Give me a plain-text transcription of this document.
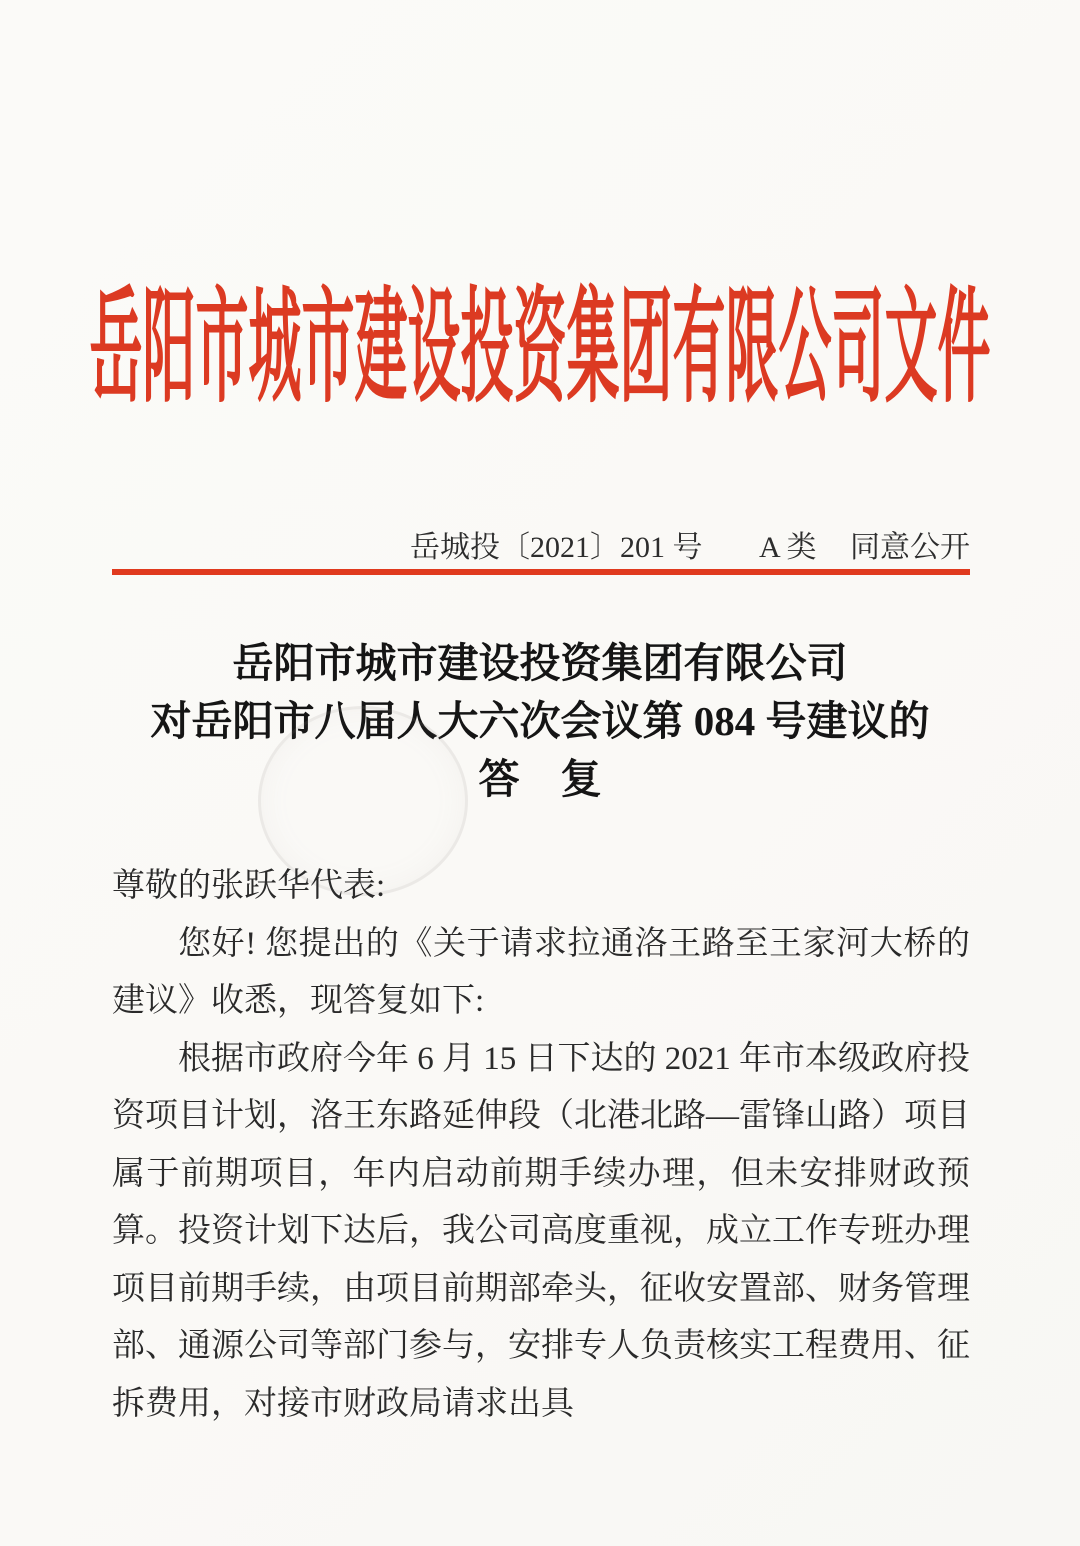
岳阳市城市建设投资集团有限公司文件
岳城投〔2021〕201 号 A 类 同意公开
岳阳市城市建设投资集团有限公司
对岳阳市八届人大六次会议第 084 号建议的
答　复

尊敬的张跃华代表:

您好! 您提出的《关于请求拉通洛王路至王家河大桥的建议》收悉，现答复如下:

根据市政府今年 6 月 15 日下达的 2021 年市本级政府投资项目计划，洛王东路延伸段（北港北路—雷锋山路）项目属于前期项目，年内启动前期手续办理，但未安排财政预算。投资计划下达后，我公司高度重视，成立工作专班办理项目前期手续，由项目前期部牵头，征收安置部、财务管理部、通源公司等部门参与，安排专人负责核实工程费用、征拆费用，对接市财政局请求出具
